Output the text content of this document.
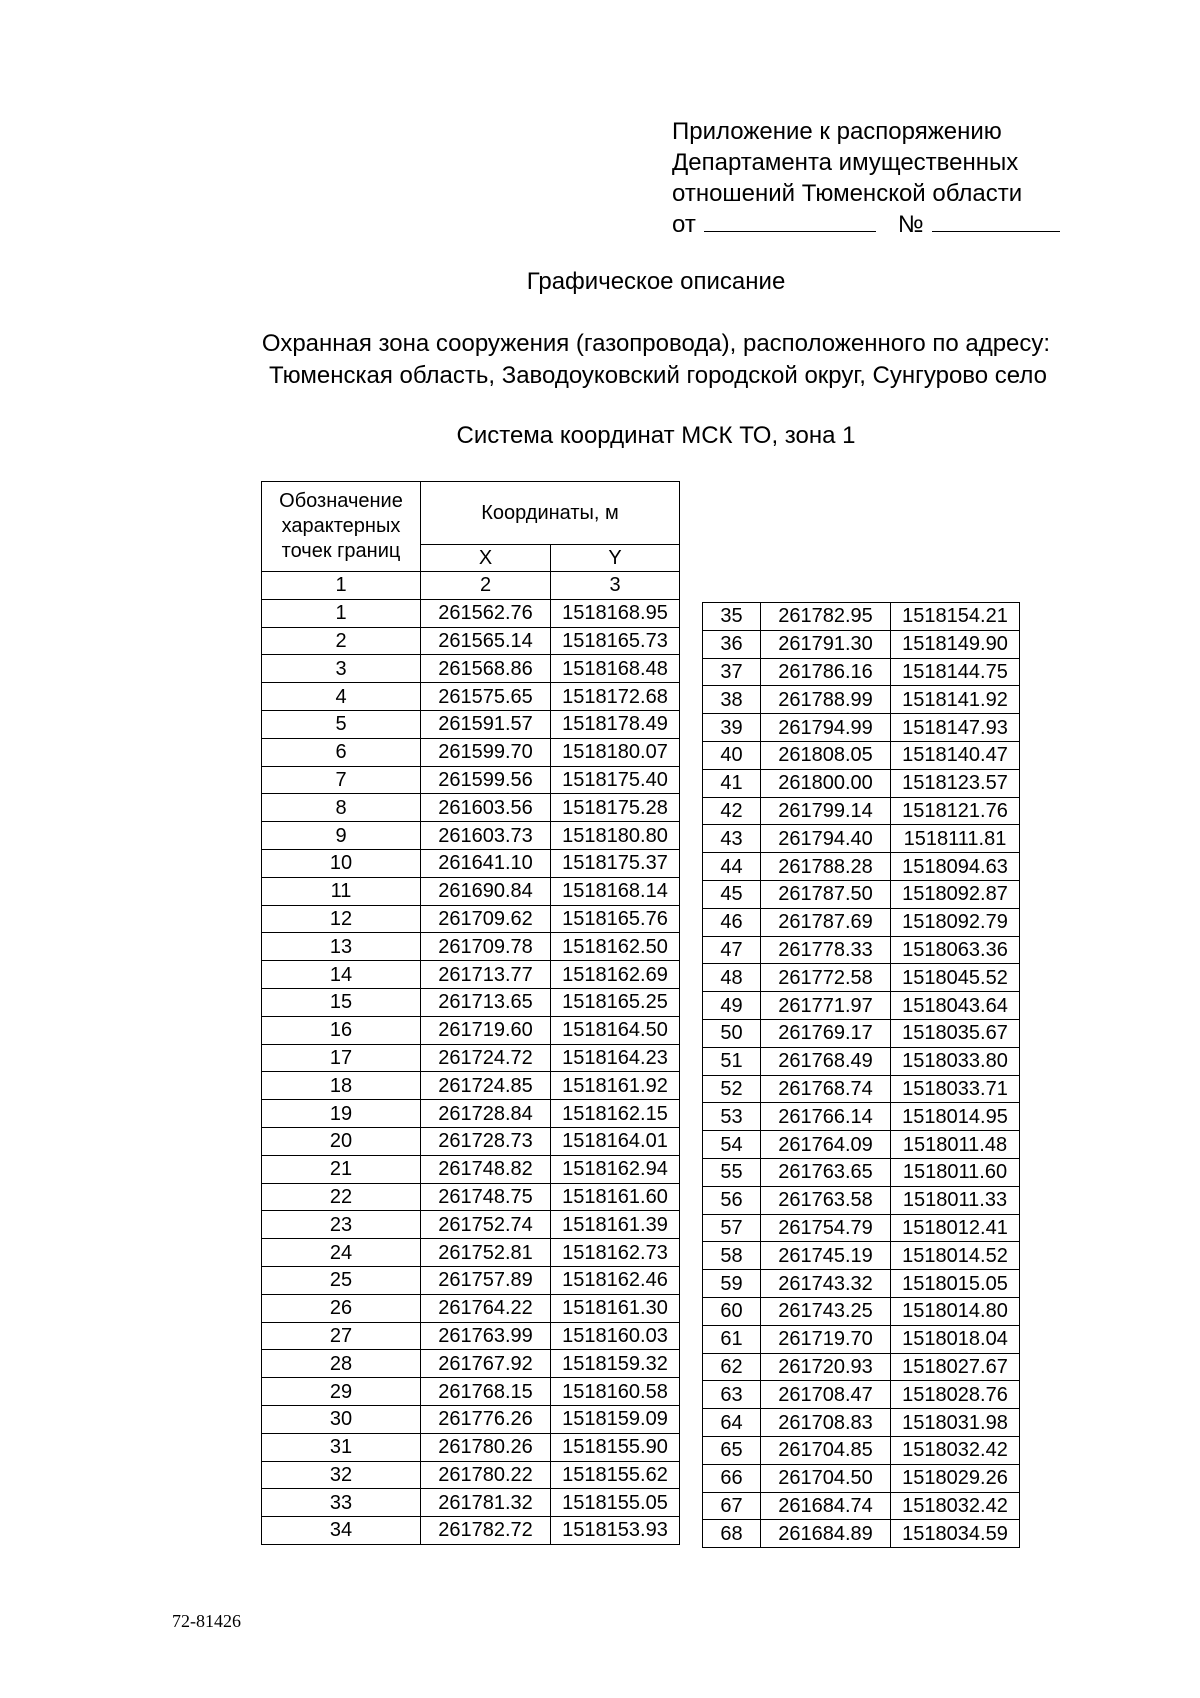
Приложение к распоряжению
Департамента имущественных
отношений Тюменской области
от	№
Графическое описание
Охранная зона сооружения (газопровода), расположенного по адресу:
Тюменская область, Заводоуковский городской округ, Сунгурово село
Система координат МСК ТО, зона 1
Обозначение характерных точек границ	Координаты, м	
	X	Y
1	2	3
1	261562.76	1518168.95
2	261565.14	1518165.73
3	261568.86	1518168.48
4	261575.65	1518172.68
5	261591.57	1518178.49
6	261599.70	1518180.07
7	261599.56	1518175.40
8	261603.56	1518175.28
9	261603.73	1518180.80
10	261641.10	1518175.37
11	261690.84	1518168.14
12	261709.62	1518165.76
13	261709.78	1518162.50
14	261713.77	1518162.69
15	261713.65	1518165.25
16	261719.60	1518164.50
17	261724.72	1518164.23
18	261724.85	1518161.92
19	261728.84	1518162.15
20	261728.73	1518164.01
21	261748.82	1518162.94
22	261748.75	1518161.60
23	261752.74	1518161.39
24	261752.81	1518162.73
25	261757.89	1518162.46
26	261764.22	1518161.30
27	261763.99	1518160.03
28	261767.92	1518159.32
29	261768.15	1518160.58
30	261776.26	1518159.09
31	261780.26	1518155.90
32	261780.22	1518155.62
33	261781.32	1518155.05
34	261782.72	1518153.93
35	261782.95	1518154.21
36	261791.30	1518149.90
37	261786.16	1518144.75
38	261788.99	1518141.92
39	261794.99	1518147.93
40	261808.05	1518140.47
41	261800.00	1518123.57
42	261799.14	1518121.76
43	261794.40	1518111.81
44	261788.28	1518094.63
45	261787.50	1518092.87
46	261787.69	1518092.79
47	261778.33	1518063.36
48	261772.58	1518045.52
49	261771.97	1518043.64
50	261769.17	1518035.67
51	261768.49	1518033.80
52	261768.74	1518033.71
53	261766.14	1518014.95
54	261764.09	1518011.48
55	261763.65	1518011.60
56	261763.58	1518011.33
57	261754.79	1518012.41
58	261745.19	1518014.52
59	261743.32	1518015.05
60	261743.25	1518014.80
61	261719.70	1518018.04
62	261720.93	1518027.67
63	261708.47	1518028.76
64	261708.83	1518031.98
65	261704.85	1518032.42
66	261704.50	1518029.26
67	261684.74	1518032.42
68	261684.89	1518034.59
72-81426
